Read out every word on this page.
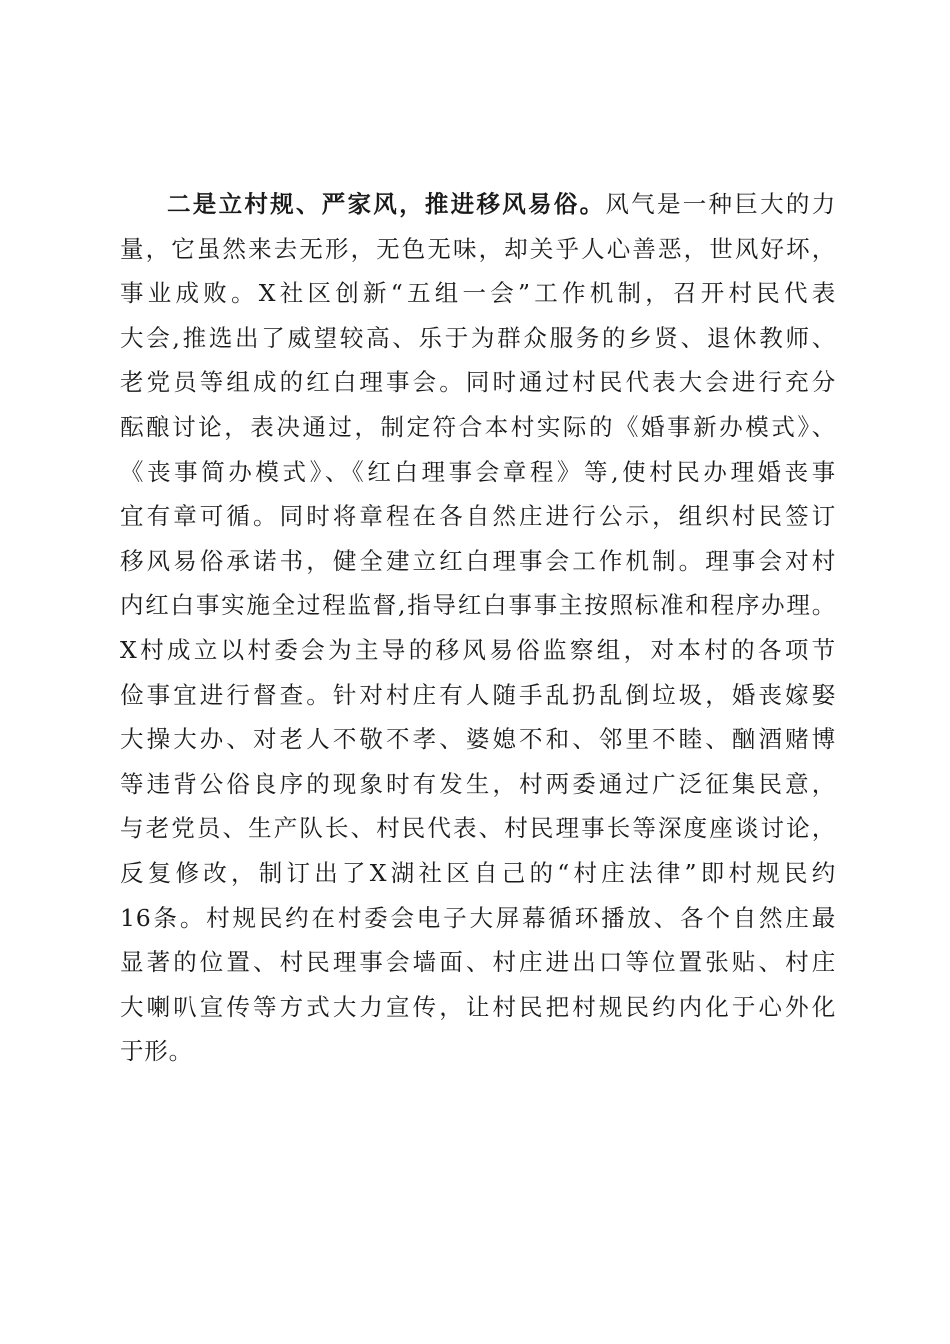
二是立村规、严家风，推进移风易俗。风气是一种巨大的力
量，它虽然来去无形，无色无味，却关乎人心善恶，世风好坏，
事业成败。X社区创新“五组一会”工作机制，召开村民代表
大会,推选出了威望较高、乐于为群众服务的乡贤、退休教师、
老党员等组成的红白理事会。同时通过村民代表大会进行充分
酝酿讨论，表决通过，制定符合本村实际的《婚事新办模式》、
《丧事简办模式》、《红白理事会章程》等,使村民办理婚丧事
宜有章可循。同时将章程在各自然庄进行公示，组织村民签订
移风易俗承诺书，健全建立红白理事会工作机制。理事会对村
内红白事实施全过程监督,指导红白事事主按照标准和程序办理。
X村成立以村委会为主导的移风易俗监察组，对本村的各项节
俭事宜进行督查。针对村庄有人随手乱扔乱倒垃圾，婚丧嫁娶
大操大办、对老人不敬不孝、婆媳不和、邻里不睦、酗酒赌博
等违背公俗良序的现象时有发生，村两委通过广泛征集民意，
与老党员、生产队长、村民代表、村民理事长等深度座谈讨论，
反复修改，制订出了X湖社区自己的“村庄法律”即村规民约
16条。村规民约在村委会电子大屏幕循环播放、各个自然庄最
显著的位置、村民理事会墙面、村庄进出口等位置张贴、村庄
大喇叭宣传等方式大力宣传，让村民把村规民约内化于心外化
于形。
